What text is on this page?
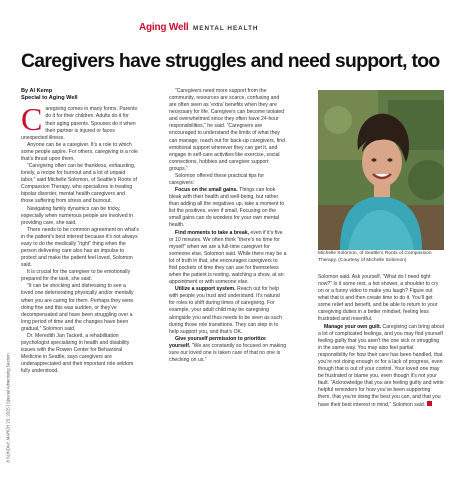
8 SUNDAY, MARCH 23, 2025 | Special Advertising Section
Aging Well MENTAL HEALTH
Caregivers have struggles and need support, too
By Al Kemp
Special to Aging Well

Caregiving comes in many forms. Parents do it for their children. Adults do it for their aging parents. Spouses do it when their partner is injured or faces unexpected illness.

Anyone can be a caregiver. It’s a role to which some people aspire. For others, caregiving is a role that’s thrust upon them.

“Caregiving often can be thankless, exhausting, lonely, a recipe for burnout and a lot of unpaid labor,” said Michelle Solomon, of Seattle’s Roots of Compassion Therapy, who specializes in treating bipolar disorder, mental health caregivers and those suffering from stress and burnout.

Navigating family dynamics can be tricky, especially when numerous people are involved in providing care, she said.

There needs to be common agreement on what’s in the patient’s best interest because it’s not always easy to do the medically “right” thing when the person delivering care also has an impulse to protect and make the patient feel loved, Solomon said.

It is crucial for the caregiver to be emotionally prepared for the task, she said.

“It can be shocking and distressing to see a loved one deteriorating physically and/or mentally when you are caring for them. Perhaps they were doing fine and this was sudden, or they’ve decompensated and have been struggling over a long period of time and the changes have been gradual,” Solomon said.

Dr. Meredith Jan Tackett, a rehabilitation psychologist specializing in health and disability issues with the Rowen Center for Behavioral Medicine in Seattle, says caregivers are underappreciated and their important role seldom fully understood.

“Caregivers need more support from the community, resources are scarce, confusing and are often seen as ‘extra’ benefits when they are necessary for life. Caregivers can become isolated and overwhelmed since they often have 24-hour responsibilities,” he said. “Caregivers are encouraged to understand the limits of what they can manage, reach out for back-up caregivers, find emotional support wherever they can get it, and engage in self-care activities like exercise, social connections, hobbies and caregiver support groups.”

Solomon offered these practical tips for caregivers:

Focus on the small gains. Things can look bleak with their health and well-being, but rather than adding all the negatives up, take a moment to list the positives, even if small. Focusing on the small gains can do wonders for your own mental health.

Find moments to take a break, even if it’s five or 10 minutes. We often think “there’s no time for myself” when we are a full-time caregiver for someone else, Solomon said. While there may be a lot of truth in that, she encourages caregivers to find pockets of time they can use for themselves when the patient is resting, watching a show, at an appointment or with someone else.

Utilize a support system. Reach out for help with people you trust and understand. It’s natural for roles to shift during times of caregiving. For example, your adult child may be caregiving alongside you and thus needs to be seen as such during those role transitions. They can step in to help support you, and that’s OK.

Give yourself permission to prioritize yourself. “We are constantly so focused on making sure our loved one is taken care of that no one is checking on us,”

Michelle Solomon, of Seattle’s Roots of Compassion Therapy. (Courtesy of Michelle Solomon)

Solomon said. Ask yourself, “What do I need right now?” Is it some rest, a hot shower, a shoulder to cry on or a funny video to make you laugh? Figure out what that is and then create time to do it. You’ll get some relief and benefit, and be able to return to your caregiving duties in a better mindset, feeling less frustrated and resentful.

Manage your own guilt. Caregiving can bring about a lot of complicated feelings, and you may find yourself feeling guilty that you aren’t the one sick or struggling in the same way. You may also feel partial responsibility for how their care has been handled, that you’re not doing enough or for a lack of progress, even though that is out of your control. Your loved one may be frustrated or blame you, even though it’s not your fault. “Acknowledge that you are feeling guilty and write helpful reminders for how you’ve been supporting them, that you’re doing the best you can, and that you have their best interest in mind,” Solomon said.
